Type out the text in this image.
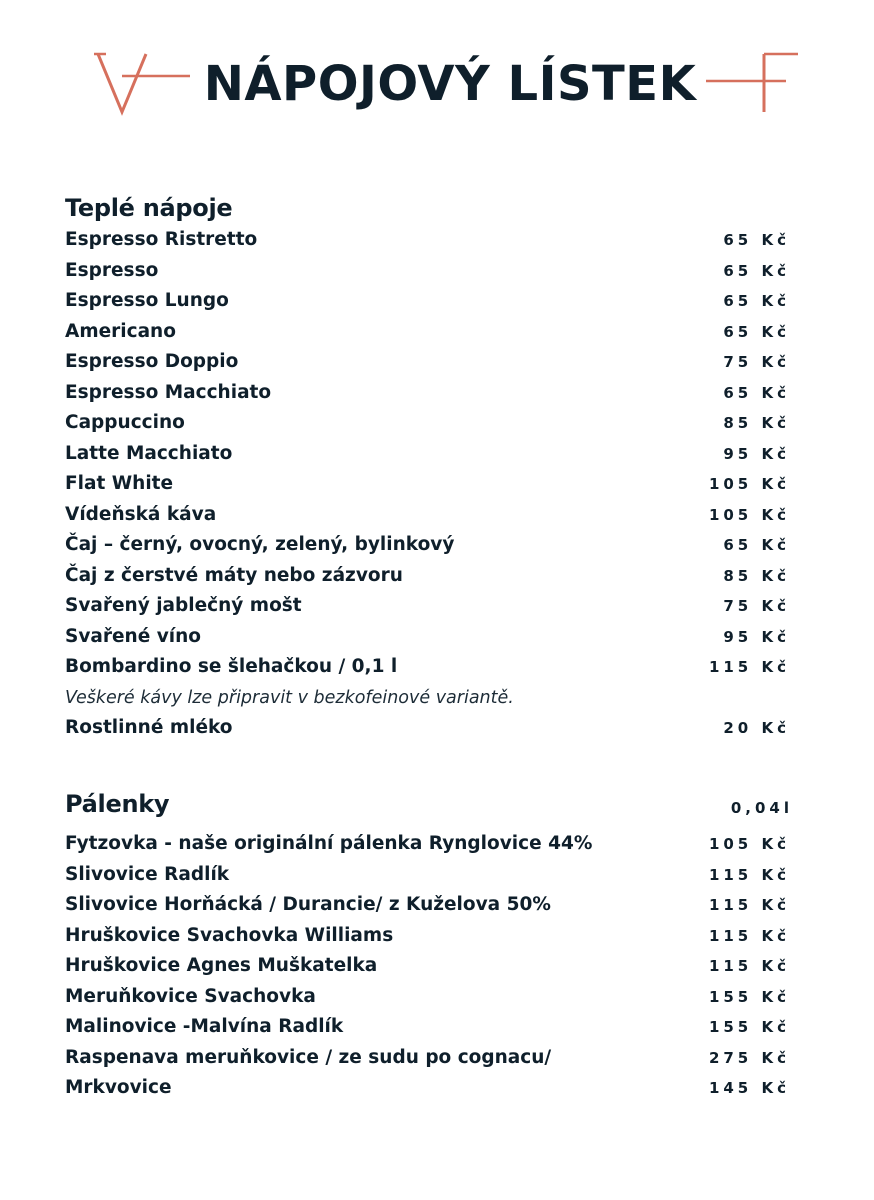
NÁPOJOVÝ LÍSTEK
Teplé nápoje
Espresso Ristretto	65 Kč
Espresso	65 Kč
Espresso Lungo	65 Kč
Americano	65 Kč
Espresso Doppio	75 Kč
Espresso Macchiato	65 Kč
Cappuccino	85 Kč
Latte Macchiato	95 Kč
Flat White	105 Kč
Vídeňská káva	105 Kč
Čaj – černý, ovocný, zelený, bylinkový	65 Kč
Čaj z čerstvé máty nebo zázvoru	85 Kč
Svařený jablečný mošt	75 Kč
Svařené víno	95 Kč
Bombardino se šlehačkou / 0,1 l	115 Kč
Veškeré kávy lze připravit v bezkofeinové variantě.
Rostlinné mléko	20 Kč
Pálenky	0,04l
Fytzovka - naše originální pálenka Rynglovice 44%	105 Kč
Slivovice Radlík	115 Kč
Slivovice Horňácká / Durancie/ z Kuželova 50%	115 Kč
Hruškovice Svachovka Williams	115 Kč
Hruškovice Agnes Muškatelka	115 Kč
Meruňkovice Svachovka	155 Kč
Malinovice -Malvína Radlík	155 Kč
Raspenava meruňkovice / ze sudu po cognacu/	275 Kč
Mrkvovice	145 Kč
